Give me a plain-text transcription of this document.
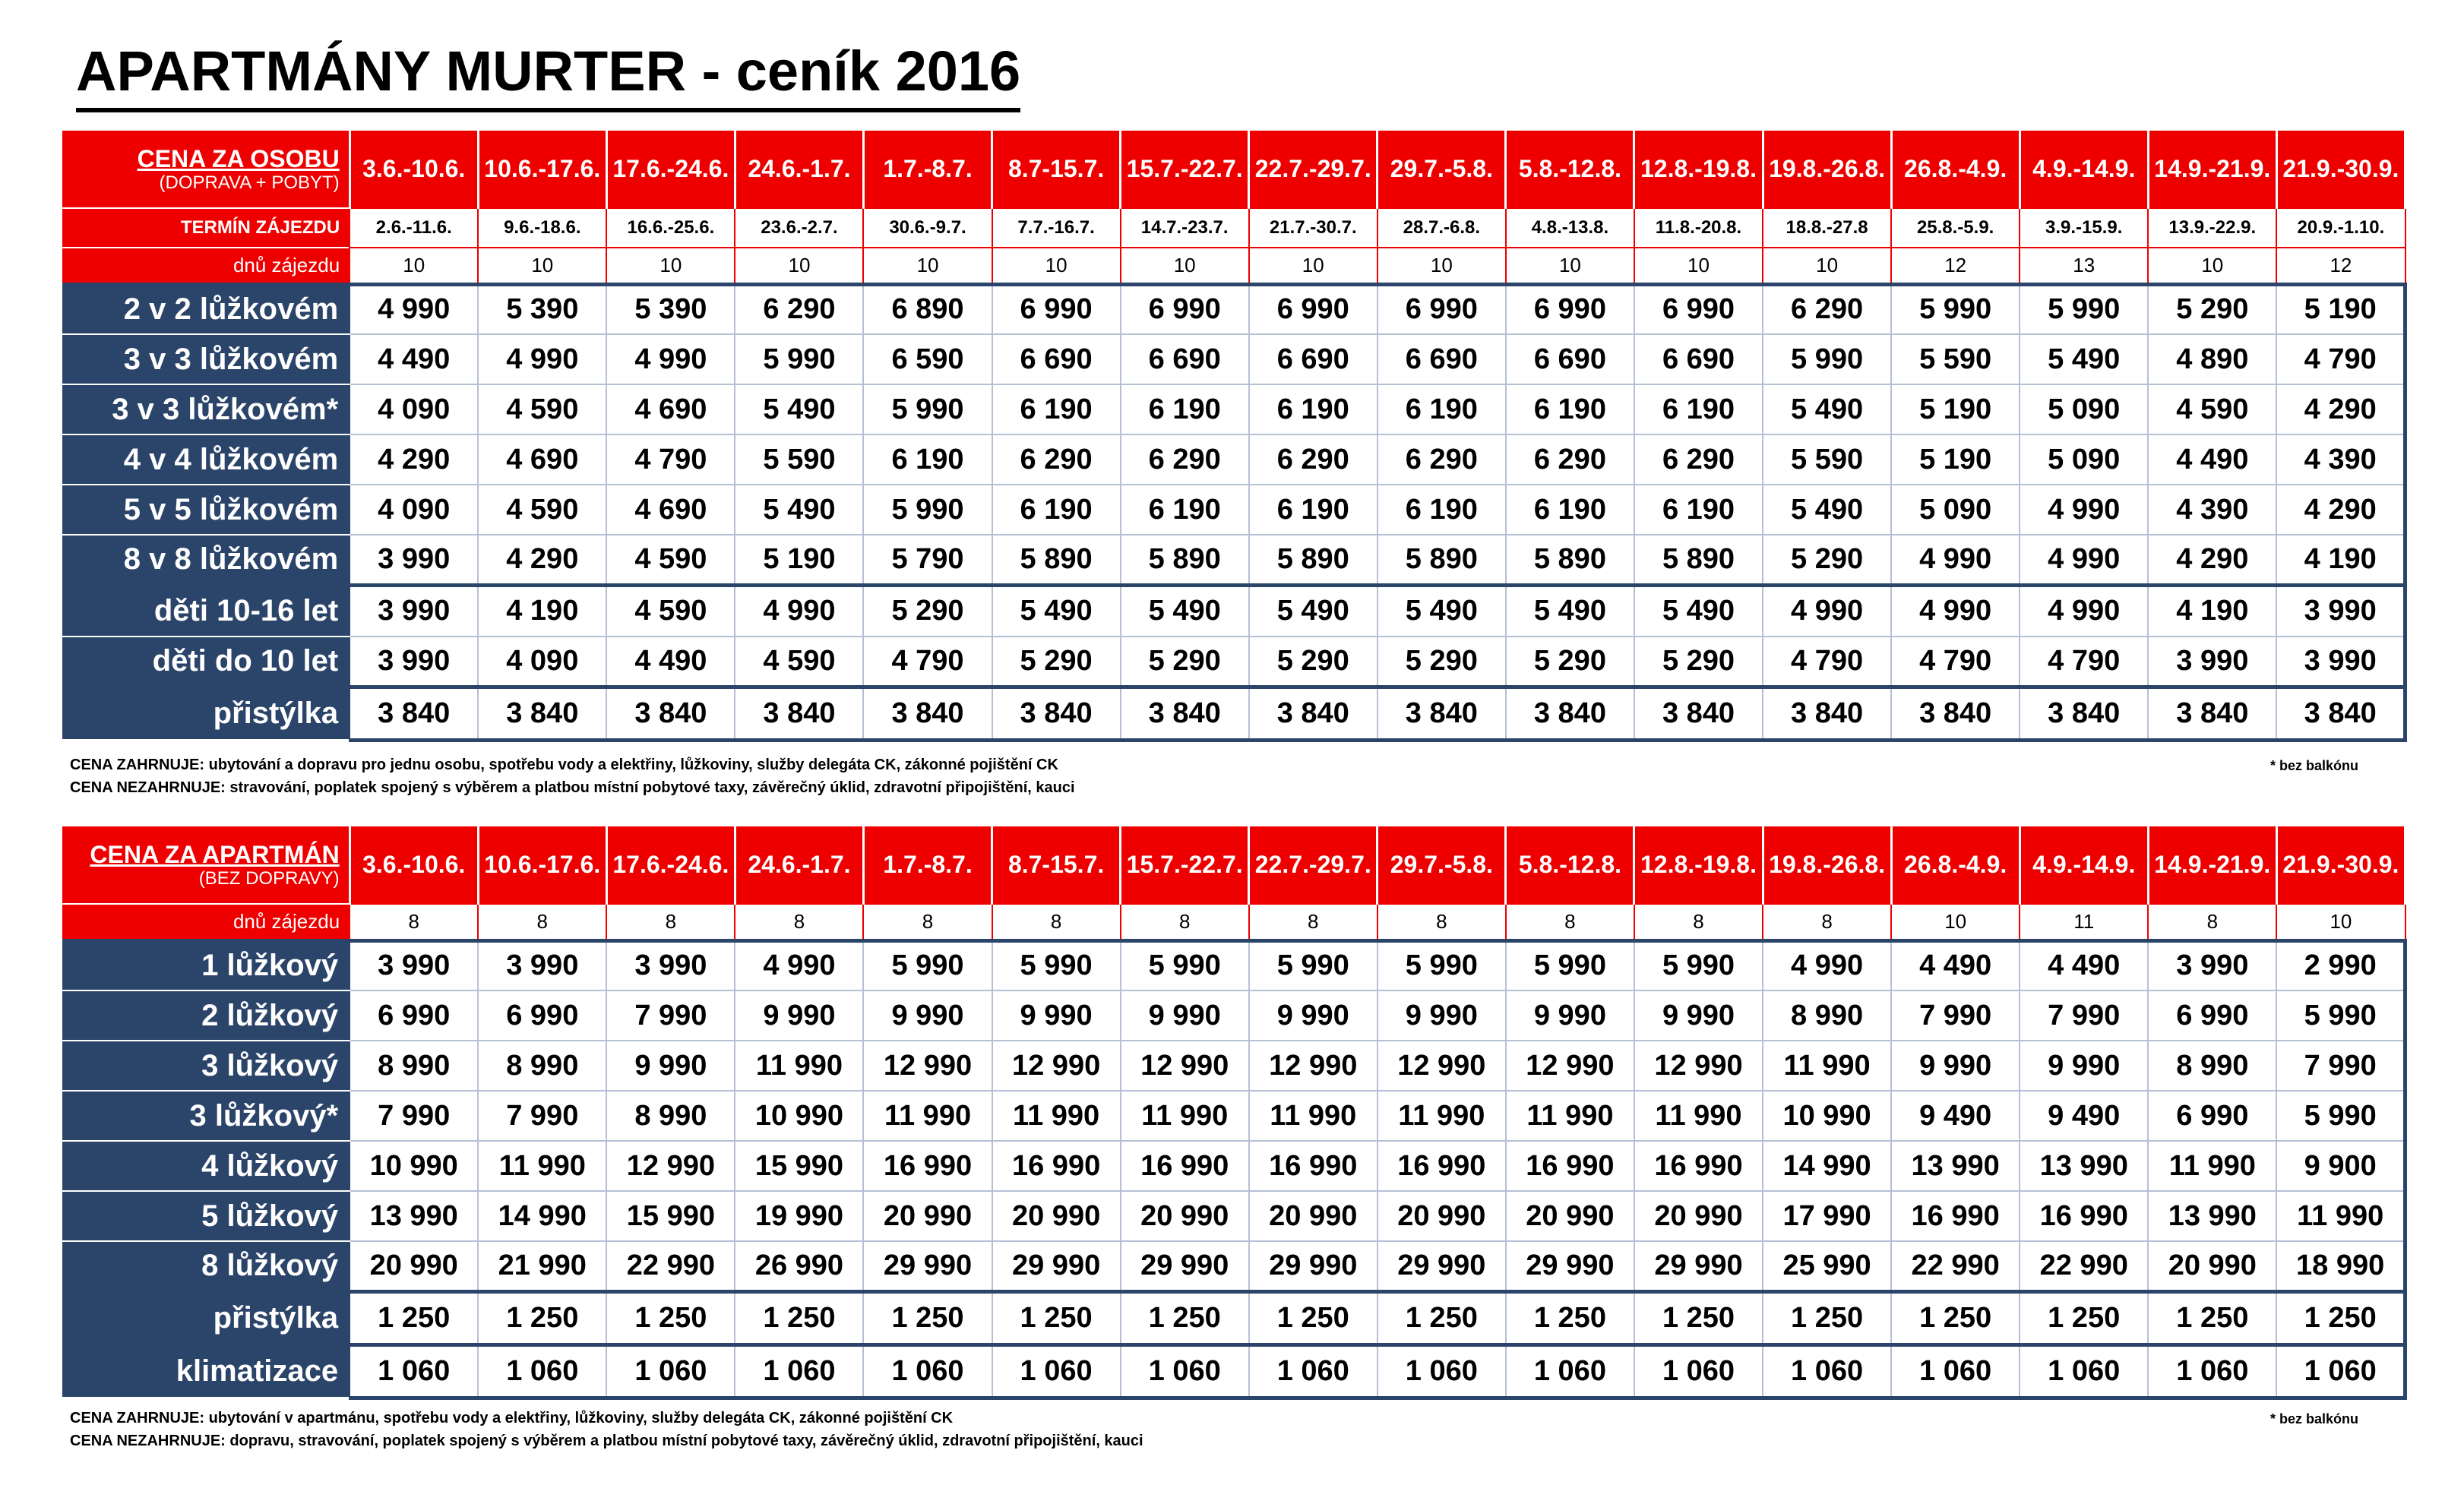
APARTMÁNY MURTER - ceník 2016
CENA ZA OSOBU
(DOPRAVA + POBYT)	3.6.-10.6.	10.6.-17.6.	17.6.-24.6.	24.6.-1.7.	1.7.-8.7.	8.7-15.7.	15.7.-22.7.	22.7.-29.7.	29.7.-5.8.	5.8.-12.8.	12.8.-19.8.	19.8.-26.8.	26.8.-4.9.	4.9.-14.9.	14.9.-21.9.	21.9.-30.9.
TERMÍN ZÁJEZDU	2.6.-11.6.	9.6.-18.6.	16.6.-25.6.	23.6.-2.7.	30.6.-9.7.	7.7.-16.7.	14.7.-23.7.	21.7.-30.7.	28.7.-6.8.	4.8.-13.8.	11.8.-20.8.	18.8.-27.8	25.8.-5.9.	3.9.-15.9.	13.9.-22.9.	20.9.-1.10.
dnů zájezdu	10	10	10	10	10	10	10	10	10	10	10	10	12	13	10	12
2 v 2 lůžkovém	4 990	5 390	5 390	6 290	6 890	6 990	6 990	6 990	6 990	6 990	6 990	6 290	5 990	5 990	5 290	5 190
3 v 3 lůžkovém	4 490	4 990	4 990	5 990	6 590	6 690	6 690	6 690	6 690	6 690	6 690	5 990	5 590	5 490	4 890	4 790
3 v 3 lůžkovém*	4 090	4 590	4 690	5 490	5 990	6 190	6 190	6 190	6 190	6 190	6 190	5 490	5 190	5 090	4 590	4 290
4 v 4 lůžkovém	4 290	4 690	4 790	5 590	6 190	6 290	6 290	6 290	6 290	6 290	6 290	5 590	5 190	5 090	4 490	4 390
5 v 5 lůžkovém	4 090	4 590	4 690	5 490	5 990	6 190	6 190	6 190	6 190	6 190	6 190	5 490	5 090	4 990	4 390	4 290
8 v 8 lůžkovém	3 990	4 290	4 590	5 190	5 790	5 890	5 890	5 890	5 890	5 890	5 890	5 290	4 990	4 990	4 290	4 190
děti 10-16 let	3 990	4 190	4 590	4 990	5 290	5 490	5 490	5 490	5 490	5 490	5 490	4 990	4 990	4 990	4 190	3 990
děti do 10 let	3 990	4 090	4 490	4 590	4 790	5 290	5 290	5 290	5 290	5 290	5 290	4 790	4 790	4 790	3 990	3 990
přistýlka	3 840	3 840	3 840	3 840	3 840	3 840	3 840	3 840	3 840	3 840	3 840	3 840	3 840	3 840	3 840	3 840
CENA ZAHRNUJE: ubytování a dopravu pro jednu osobu, spotřebu vody a elektřiny, lůžkoviny, služby delegáta CK, zákonné pojištění CK
CENA NEZAHRNUJE: stravování, poplatek spojený s výběrem a platbou místní pobytové taxy, závěrečný úklid, zdravotní připojištění, kauci
* bez balkónu
CENA ZA APARTMÁN
(BEZ DOPRAVY)	3.6.-10.6.	10.6.-17.6.	17.6.-24.6.	24.6.-1.7.	1.7.-8.7.	8.7-15.7.	15.7.-22.7.	22.7.-29.7.	29.7.-5.8.	5.8.-12.8.	12.8.-19.8.	19.8.-26.8.	26.8.-4.9.	4.9.-14.9.	14.9.-21.9.	21.9.-30.9.
dnů zájezdu	8	8	8	8	8	8	8	8	8	8	8	8	10	11	8	10
1 lůžkový	3 990	3 990	3 990	4 990	5 990	5 990	5 990	5 990	5 990	5 990	5 990	4 990	4 490	4 490	3 990	2 990
2 lůžkový	6 990	6 990	7 990	9 990	9 990	9 990	9 990	9 990	9 990	9 990	9 990	8 990	7 990	7 990	6 990	5 990
3 lůžkový	8 990	8 990	9 990	11 990	12 990	12 990	12 990	12 990	12 990	12 990	12 990	11 990	9 990	9 990	8 990	7 990
3 lůžkový*	7 990	7 990	8 990	10 990	11 990	11 990	11 990	11 990	11 990	11 990	11 990	10 990	9 490	9 490	6 990	5 990
4 lůžkový	10 990	11 990	12 990	15 990	16 990	16 990	16 990	16 990	16 990	16 990	16 990	14 990	13 990	13 990	11 990	9 900
5 lůžkový	13 990	14 990	15 990	19 990	20 990	20 990	20 990	20 990	20 990	20 990	20 990	17 990	16 990	16 990	13 990	11 990
8 lůžkový	20 990	21 990	22 990	26 990	29 990	29 990	29 990	29 990	29 990	29 990	29 990	25 990	22 990	22 990	20 990	18 990
přistýlka	1 250	1 250	1 250	1 250	1 250	1 250	1 250	1 250	1 250	1 250	1 250	1 250	1 250	1 250	1 250	1 250
klimatizace	1 060	1 060	1 060	1 060	1 060	1 060	1 060	1 060	1 060	1 060	1 060	1 060	1 060	1 060	1 060	1 060
CENA ZAHRNUJE: ubytování v apartmánu, spotřebu vody a elektřiny, lůžkoviny, služby delegáta CK, zákonné pojištění CK
CENA NEZAHRNUJE: dopravu, stravování, poplatek spojený s výběrem a platbou místní pobytové taxy, závěrečný úklid, zdravotní připojištění, kauci
* bez balkónu
